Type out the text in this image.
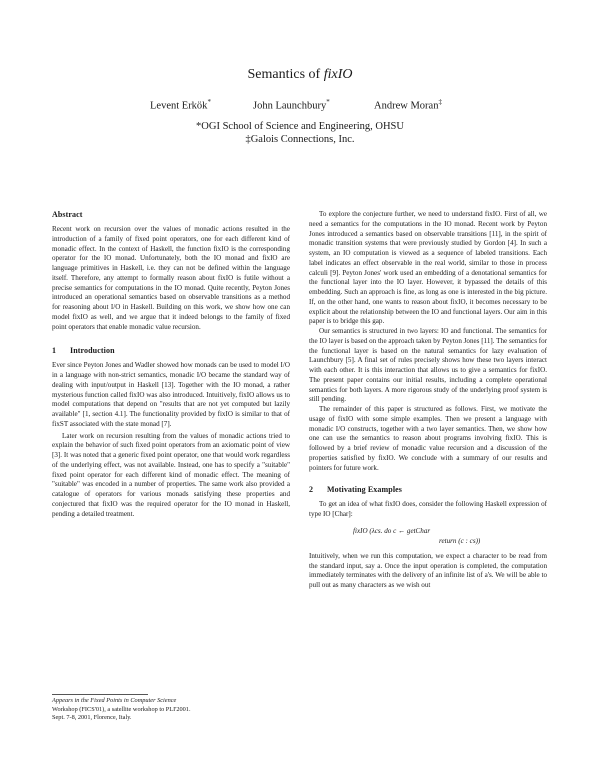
Semantics of fixIO
Levent Erkök*	John Launchbury*	Andrew Moran‡
*OGI School of Science and Engineering, OHSU
‡Galois Connections, Inc.
Abstract

Recent work on recursion over the values of monadic actions resulted in the introduction of a family of fixed point operators, one for each different kind of monadic effect. In the context of Haskell, the function fixIO is the corresponding operator for the IO monad. Unfortunately, both the IO monad and fixIO are language primitives in Haskell, i.e. they can not be defined within the language itself. Therefore, any attempt to formally reason about fixIO is futile without a precise semantics for computations in the IO monad. Quite recently, Peyton Jones introduced an operational semantics based on observable transitions as a method for reasoning about I/O in Haskell. Building on this work, we show how one can model fixIO as well, and we argue that it indeed belongs to the family of fixed point operators that enable monadic value recursion.

1 Introduction

Ever since Peyton Jones and Wadler showed how monads can be used to model I/O in a language with non-strict semantics, monadic I/O became the standard way of dealing with input/output in Haskell [13]. Together with the IO monad, a rather mysterious function called fixIO was also introduced. Intuitively, fixIO allows us to model computations that depend on "results that are not yet computed but lazily available" [1, section 4.1]. The functionality provided by fixIO is similar to that of fixST associated with the state monad [7].

Later work on recursion resulting from the values of monadic actions tried to explain the behavior of such fixed point operators from an axiomatic point of view [3]. It was noted that a generic fixed point operator, one that would work regardless of the underlying effect, was not available. Instead, one has to specify a "suitable" fixed point operator for each different kind of monadic effect. The meaning of "suitable" was encoded in a number of properties. The same work also provided a catalogue of operators for various monads satisfying these properties and conjectured that fixIO was the required operator for the IO monad in Haskell, pending a detailed treatment.

Appears in the Fixed Points in Computer Science
Workshop (FICS'01), a satellite workshop to PLI'2001.
Sept. 7-8, 2001, Florence, Italy.

To explore the conjecture further, we need to understand fixIO. First of all, we need a semantics for the computations in the IO monad. Recent work by Peyton Jones introduced a semantics based on observable transitions [11], in the spirit of monadic transition systems that were previously studied by Gordon [4]. In such a system, an IO computation is viewed as a sequence of labeled transitions. Each label indicates an effect observable in the real world, similar to those in process calculi [9]. Peyton Jones' work used an embedding of a denotational semantics for the functional layer into the IO layer. However, it bypassed the details of this embedding. Such an approach is fine, as long as one is interested in the big picture. If, on the other hand, one wants to reason about fixIO, it becomes necessary to be explicit about the relationship between the IO and functional layers. Our aim in this paper is to bridge this gap.

Our semantics is structured in two layers: IO and functional. The semantics for the IO layer is based on the approach taken by Peyton Jones [11]. The semantics for the functional layer is based on the natural semantics for lazy evaluation of Launchbury [5]. A final set of rules precisely shows how these two layers interact with each other. It is this interaction that allows us to give a semantics for fixIO. The present paper contains our initial results, including a complete operational semantics for both layers. A more rigorous study of the underlying proof system is still pending.

The remainder of this paper is structured as follows. First, we motivate the usage of fixIO with some simple examples. Then we present a language with monadic I/O constructs, together with a two layer semantics. Then, we show how one can use the semantics to reason about programs involving fixIO. This is followed by a brief review of monadic value recursion and a discussion of the properties satisfied by fixIO. We conclude with a summary of our results and pointers for future work.

2 Motivating Examples

To get an idea of what fixIO does, consider the following Haskell expression of type IO [Char]:

fixIO (λcs. do c ← getChar
return (c : cs))

Intuitively, when we run this computation, we expect a character to be read from the standard input, say a. Once the input operation is completed, the computation immediately terminates with the delivery of an infinite list of a's. We will be able to pull out as many characters as we wish out
